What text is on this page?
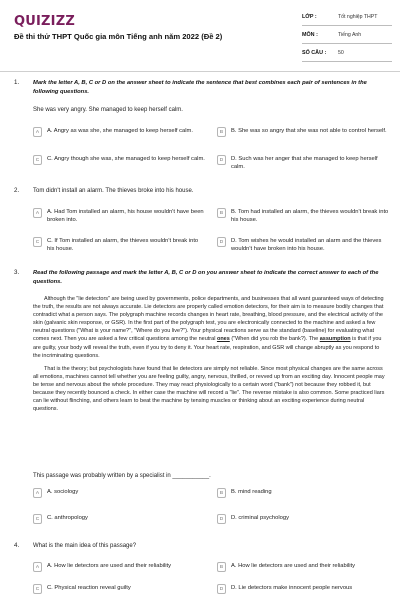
QUIZIZZ
Đề thi thử THPT Quốc gia môn Tiếng anh năm 2022 (Đề 2)
LỚP :	Tốt nghiệp THPT
MÔN :	Tiếng Anh
SỐ CÂU : 50
1. Mark the letter A, B, C or D on the answer sheet to indicate the sentence that best combines each pair of sentences in the following questions.
She was very angry. She managed to keep herself calm.
A	A. Angry as was she, she managed to keep herself calm.	B	B. She was so angry that she was not able to control herself.
C	C. Angry though she was, she managed to keep herself calm.	D	D. Such was her anger that she managed to keep herself calm.
2. Tom didn't install an alarm. The thieves broke into his house.
A	A. Had Tom installed an alarm, his house wouldn't have been broken into.
B	B. Tom had installed an alarm, the thieves wouldn't break into his house.
C	C. If Tom installed an alarm, the thieves wouldn't break into his house.
D	D. Tom wishes he would installed an alarm and the thieves wouldn't have broken into his house.
3. Read the following passage and mark the letter A, B, C or D on you answer sheet to indicate the correct answer to each of the questions.

Although the "lie detectors" are being used by governments, police departments, and businesses that all want guaranteed ways of detecting the truth, the results are not always accurate. Lie detectors are properly called emotion detectors, for their aim is to measure bodily changes that contradict what a person says. The polygraph machine records changes in heart rate, breathing, blood pressure, and the electrical activity of the skin (galvanic skin response, or GSR). In the first part of the polygraph test, you are electronically connected to the machine and asked a few neutral questions ("What is your name?", "Where do you live?"). Your physical reactions serve as the standard (baseline) for evaluating what comes next. Then you are asked a few critical questions among the neutral ones ("When did you rob the bank?). The assumption is that if you are guilty, your body will reveal the truth, even if you try to deny it. Your heart rate, respiration, and GSR will change abruptly as you respond to the incriminating questions.

That is the theory; but psychologists have found that lie detectors are simply not reliable. Since most physical changes are the same across all emotions, machines cannot tell whether you are feeling guilty, angry, nervous, thrilled, or revved up from an exciting day. Innocent people may be tense and nervous about the whole procedure. They may react physiologically to a certain word ("bank") not because they robbed it, but because they recently bounced a check. In either case the machine will record a "lie". The reverse mistake is also common. Some practiced liars can lie without flinching, and others learn to beat the machine by tensing muscles or thinking about an exciting experience during neutral questions.

This passage was probably written by a specialist in ___________.
A	A. sociology	B	B. mind reading
C	C. anthropology	D	D. criminal psychology
4. What is the main idea of this passage?
A	A. How lie detectors are used and their reliability	B	A. How lie detectors are used and their reliability
C	C. Physical reaction reveal guilty	D	D. Lie detectors make innocent people nervous
